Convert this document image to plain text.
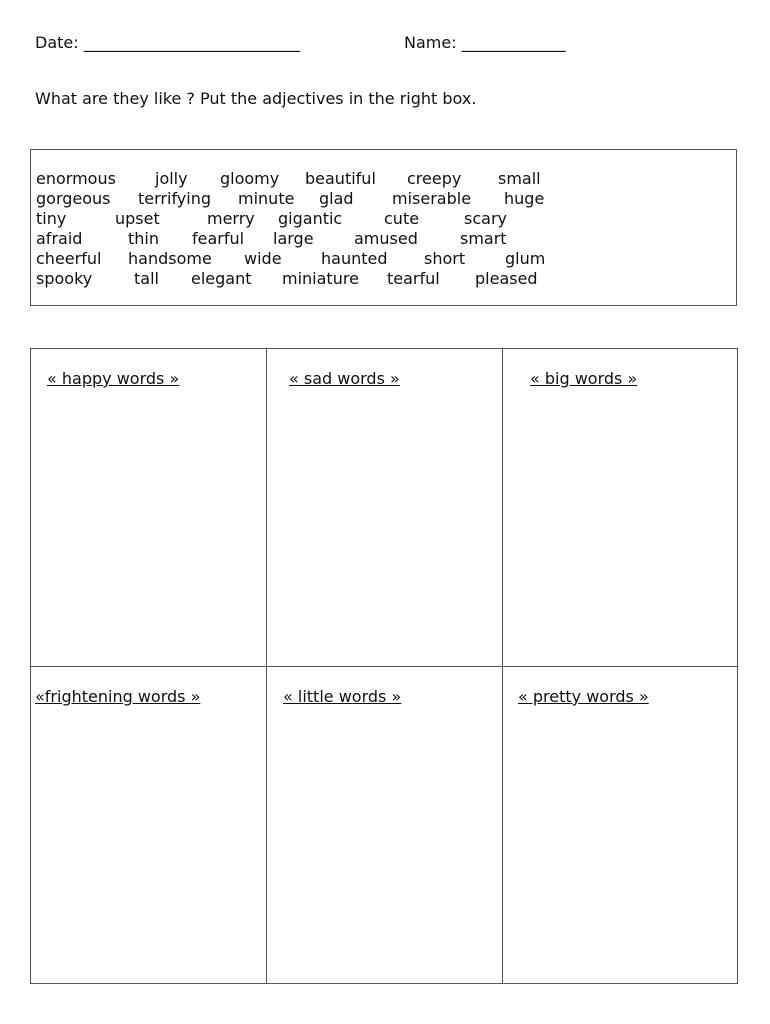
Date: ___________________________	Name: _____________
What are they like ? Put the adjectives in the right box.
enormous jolly gloomy beautiful creepy small
gorgeous terrifying minute glad miserable huge
tiny	upset	merry gigantic	cute	scary
afraid	thin fearful large	amused	smart
cheerful handsome wide haunted short glum
spooky	tall elegant miniature tearful pleased
« happy words »	« sad words »	« big words »
«frightening words »	« little words »	« pretty words »
